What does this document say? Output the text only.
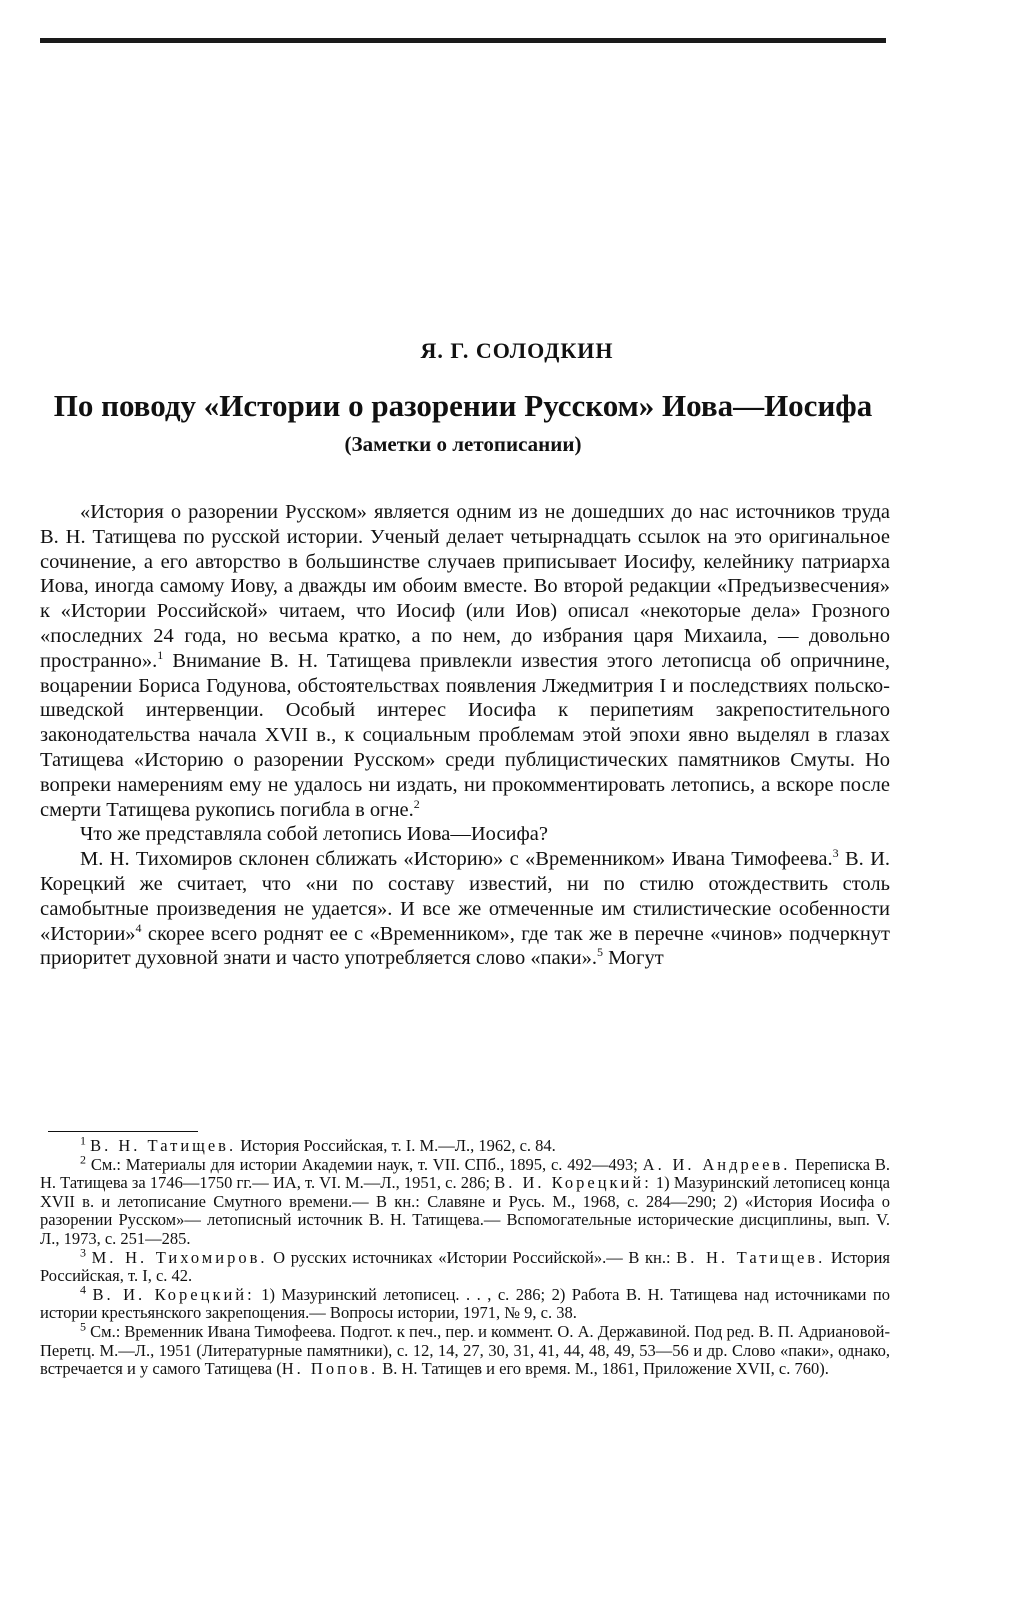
Я. Г. СОЛОДКИН
По поводу «Истории о разорении Русском» Иова—Иосифа
(Заметки о летописании)

«История о разорении Русском» является одним из не дошедших до нас источников труда В. Н. Татищева по русской истории. Ученый делает четырнадцать ссылок на это оригинальное сочинение, а его авторство в большинстве случаев приписывает Иосифу, келейнику патриарха Иова, иногда самому Иову, а дважды им обоим вместе. Во второй редакции «Предъизвесчения» к «Истории Российской» читаем, что Иосиф (или Иов) описал «некоторые дела» Грозного «последних 24 года, но весьма кратко, а по нем, до избрания царя Михаила, — довольно пространно».$^1$ Внимание В. Н. Татищева привлекли известия этого летописца об опричнине, воцарении Бориса Годунова, обстоятельствах появления Лжедмитрия I и последствиях польско-шведской интервенции. Особый интерес Иосифа к перипетиям закрепостительного законодательства начала XVII в., к социальным проблемам этой эпохи явно выделял в глазах Татищева «Историю о разорении Русском» среди публицистических памятников Смуты. Но вопреки намерениям ему не удалось ни издать, ни прокомментировать летопись, а вскоре после смерти Татищева рукопись погибла в огне.$^2$

Что же представляла собой летопись Иова—Иосифа?

М. Н. Тихомиров склонен сближать «Историю» с «Временником» Ивана Тимофеева.$^3$ В. И. Корецкий же считает, что «ни по составу известий, ни по стилю отождествить столь самобытные произведения не удается». И все же отмеченные им стилистические особенности «Истории»$^4$ скорее всего роднят ее с «Временником», где так же в перечне «чинов» подчеркнут приоритет духовной знати и часто употребляется слово «паки».$^5$ Могут

$^1$ В. Н. Татищев. История Российская, т. I. М.—Л., 1962, с. 84.

$^2$ См.: Материалы для истории Академии наук, т. VII. СПб., 1895, с. 492—493; А. И. Андреев. Переписка В. Н. Татищева за 1746—1750 гг.— ИА, т. VI. М.—Л., 1951, с. 286; В. И. Корецкий: 1) Мазуринский летописец конца XVII в. и летописание Смутного времени.— В кн.: Славяне и Русь. М., 1968, с. 284—290; 2) «История Иосифа о разорении Русском»— летописный источник В. Н. Татищева.— Вспомогательные исторические дисциплины, вып. V. Л., 1973, с. 251—285.

$^3$ М. Н. Тихомиров. О русских источниках «Истории Российской».— В кн.: В. Н. Татищев. История Российская, т. I, с. 42.

$^4$ В. И. Корецкий: 1) Мазуринский летописец. . . , с. 286; 2) Работа В. Н. Татищева над источниками по истории крестьянского закрепощения.— Вопросы истории, 1971, № 9, с. 38.

$^5$ См.: Временник Ивана Тимофеева. Подгот. к печ., пер. и коммент. О. А. Державиной. Под ред. В. П. Адриановой-Перетц. М.—Л., 1951 (Литературные памятники), с. 12, 14, 27, 30, 31, 41, 44, 48, 49, 53—56 и др. Слово «паки», однако, встречается и у самого Татищева (Н. Попов. В. Н. Татищев и его время. М., 1861, Приложение XVII, с. 760).
